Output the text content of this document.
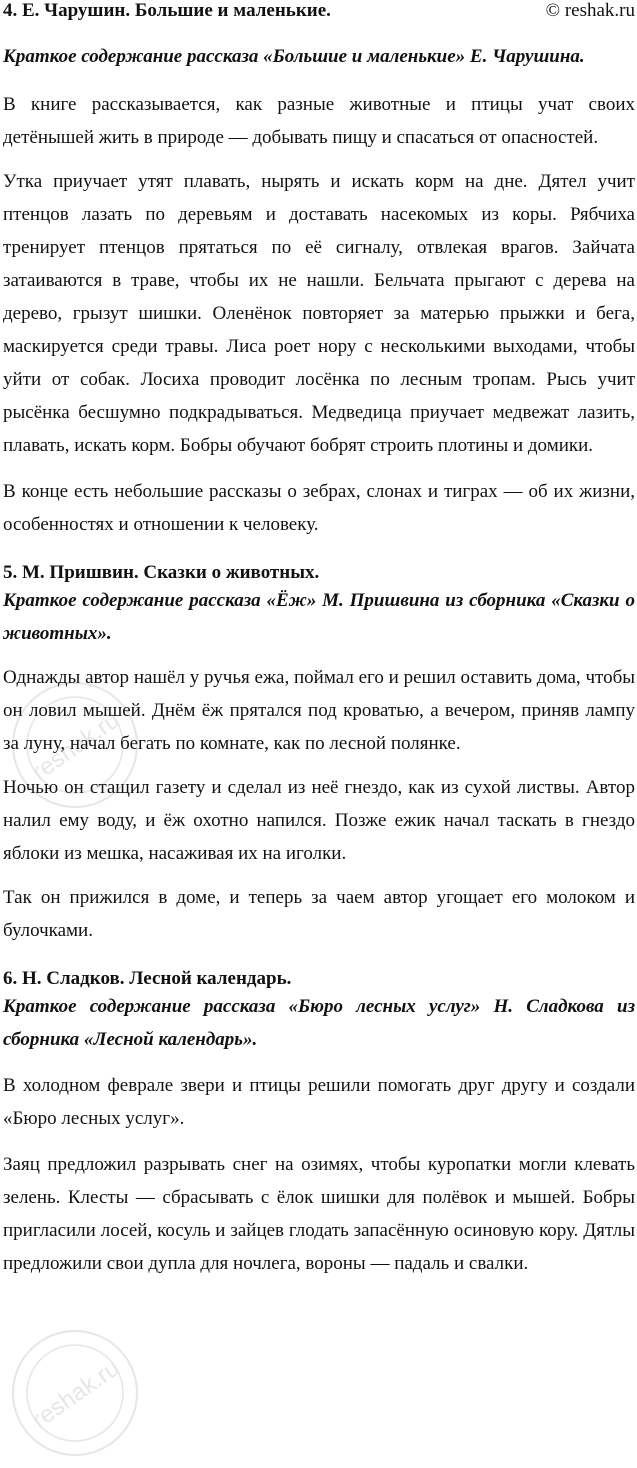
4. Е. Чарушин. Большие и маленькие.	© reshak.ru

Краткое содержание рассказа «Большие и маленькие» Е. Чарушина.

В книге рассказывается, как разные животные и птицы учат своих детёнышей жить в природе — добывать пищу и спасаться от опасностей.

Утка приучает утят плавать, нырять и искать корм на дне. Дятел учит птенцов лазать по деревьям и доставать насекомых из коры. Рябчиха тренирует птенцов прятаться по её сигналу, отвлекая врагов. Зайчата затаиваются в траве, чтобы их не нашли. Бельчата прыгают с дерева на дерево, грызут шишки. Оленёнок повторяет за матерью прыжки и бега, маскируется среди травы. Лиса роет нору с несколькими выходами, чтобы уйти от собак. Лосиха проводит лосёнка по лесным тропам. Рысь учит рысёнка бесшумно подкрадываться. Медведица приучает медвежат лазить, плавать, искать корм. Бобры обучают бобрят строить плотины и домики.

В конце есть небольшие рассказы о зебрах, слонах и тиграх — об их жизни, особенностях и отношении к человеку.

5. М. Пришвин. Сказки о животных.

Краткое содержание рассказа «Ёж» М. Пришвина из сборника «Сказки о животных».

Однажды автор нашёл у ручья ежа, поймал его и решил оставить дома, чтобы он ловил мышей. Днём ёж прятался под кроватью, а вечером, приняв лампу за луну, начал бегать по комнате, как по лесной полянке.

Ночью он стащил газету и сделал из неё гнездо, как из сухой листвы. Автор налил ему воду, и ёж охотно напился. Позже ежик начал таскать в гнездо яблоки из мешка, насаживая их на иголки.

Так он прижился в доме, и теперь за чаем автор угощает его молоком и булочками.

6. Н. Сладков. Лесной календарь.

Краткое содержание рассказа «Бюро лесных услуг» Н. Сладкова из сборника «Лесной календарь».

В холодном феврале звери и птицы решили помогать друг другу и создали «Бюро лесных услуг».

Заяц предложил разрывать снег на озимях, чтобы куропатки могли клевать зелень. Клесты — сбрасывать с ёлок шишки для полёвок и мышей. Бобры пригласили лосей, косуль и зайцев глодать запасённую осиновую кору. Дятлы предложили свои дупла для ночлега, вороны — падаль и свалки.

reshak.ru
reshak.ru
